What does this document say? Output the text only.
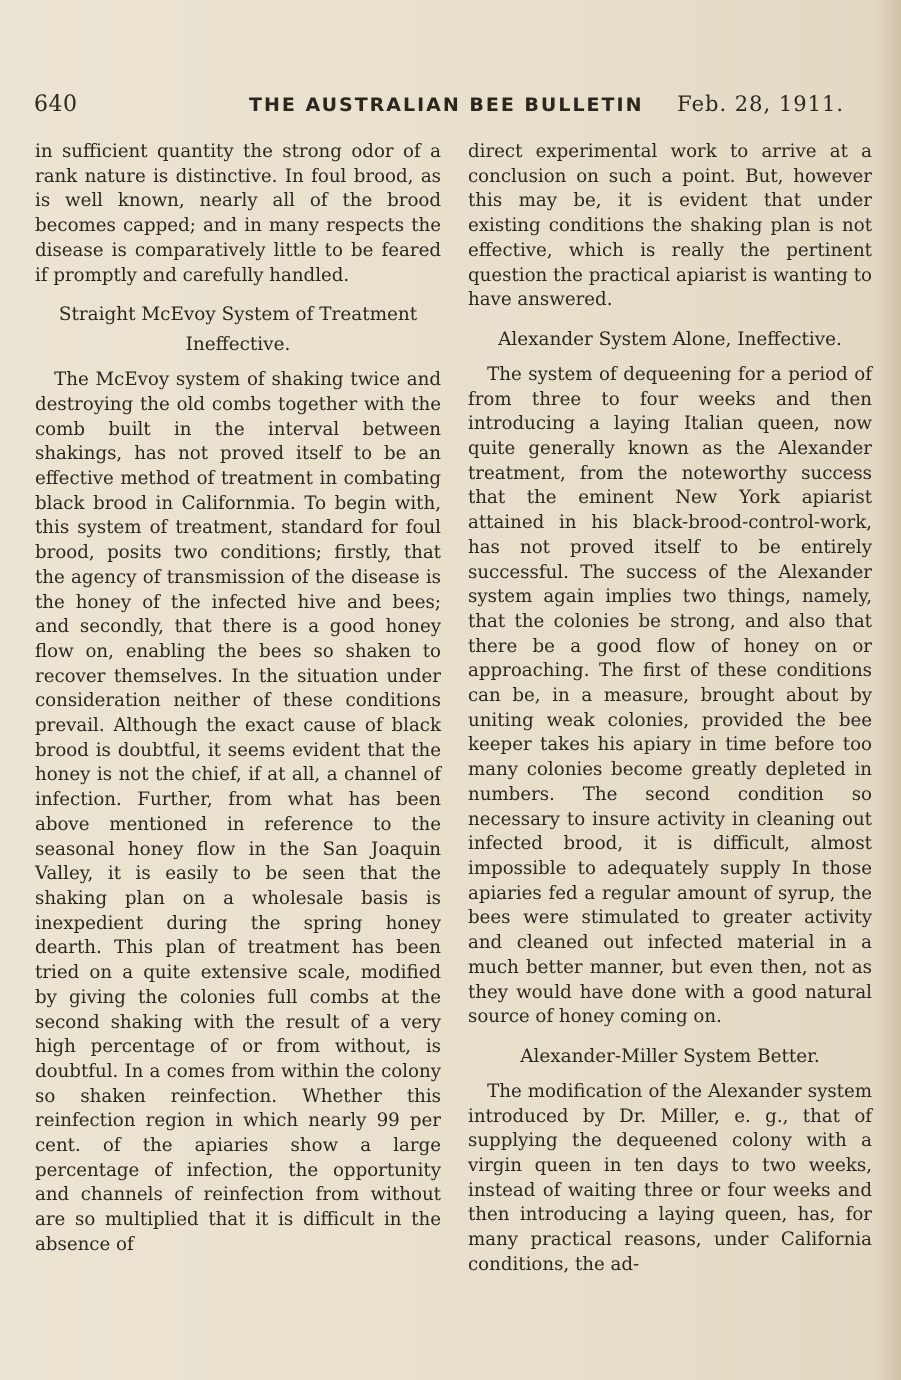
640	THE AUSTRALIAN BEE BULLETIN Feb. 28, 1911.

in sufficient quantity the strong odor of a rank nature is distinctive. In foul brood, as is well known, nearly all of the brood becomes capped; and in many respects the disease is comparatively little to be feared if promptly and carefully handled.

Straight McEvoy System of Treatment
Ineffective.

The McEvoy system of shaking twice and destroying the old combs together with the comb built in the interval between shakings, has not proved itself to be an effective method of treatment in combating black brood in Californmia. To begin with, this system of treatment, standard for foul brood, posits two conditions; firstly, that the agency of transmission of the disease is the honey of the infected hive and bees; and secondly, that there is a good honey flow on, enabling the bees so shaken to recover themselves. In the situation under consideration neither of these conditions prevail. Although the exact cause of black brood is doubtful, it seems evident that the honey is not the chief, if at all, a channel of infection. Further, from what has been above mentioned in reference to the seasonal honey flow in the San Joaquin Valley, it is easily to be seen that the shaking plan on a wholesale basis is inexpedient during the spring honey dearth. This plan of treatment has been tried on a quite extensive scale, modified by giving the colonies full combs at the second shaking with the result of a very high percentage of or from without, is doubtful. In a comes from within the colony so shaken reinfection. Whether this reinfection region in which nearly 99 per cent. of the apiaries show a large percentage of infection, the opportunity and channels of reinfection from without are so multiplied that it is difficult in the absence of

direct experimental work to arrive at a conclusion on such a point. But, however this may be, it is evident that under existing conditions the shaking plan is not effective, which is really the pertinent question the practical apiarist is wanting to have answered.

Alexander System Alone, Ineffective.

The system of dequeening for a period of from three to four weeks and then introducing a laying Italian queen, now quite generally known as the Alexander treatment, from the noteworthy success that the eminent New York apiarist attained in his black-brood-control-work, has not proved itself to be entirely successful. The success of the Alexander system again implies two things, namely, that the colonies be strong, and also that there be a good flow of honey on or approaching. The first of these conditions can be, in a measure, brought about by uniting weak colonies, provided the bee keeper takes his apiary in time before too many colonies become greatly depleted in numbers. The second condition so necessary to insure activity in cleaning out infected brood, it is difficult, almost impossible to adequately supply In those apiaries fed a regular amount of syrup, the bees were stimulated to greater activity and cleaned out infected material in a much better manner, but even then, not as they would have done with a good natural source of honey coming on.

Alexander-Miller System Better.

The modification of the Alexander system introduced by Dr. Miller, e. g., that of supplying the dequeened colony with a virgin queen in ten days to two weeks, instead of waiting three or four weeks and then introducing a laying queen, has, for many practical reasons, under California conditions, the ad-
